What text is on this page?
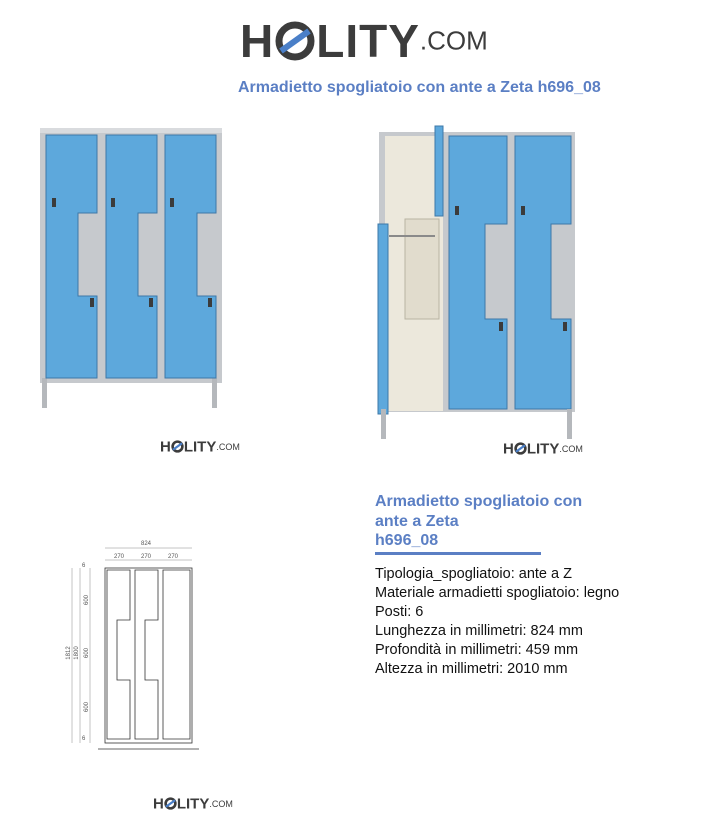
H LITY.COM
Armadietto spogliatoio con ante a Zeta h696_08
H LITY.COM	H LITY.COM
824
270	270	270
1812 1800
600
600
600
6
6
H LITY.COM
Armadietto spogliatoio con
ante a Zeta
h696_08
Tipologia_spogliatoio: ante a Z
Materiale armadietti spogliatoio: legno
Posti: 6
Lunghezza in millimetri: 824 mm
Profondità in millimetri: 459 mm
Altezza in millimetri: 2010 mm
